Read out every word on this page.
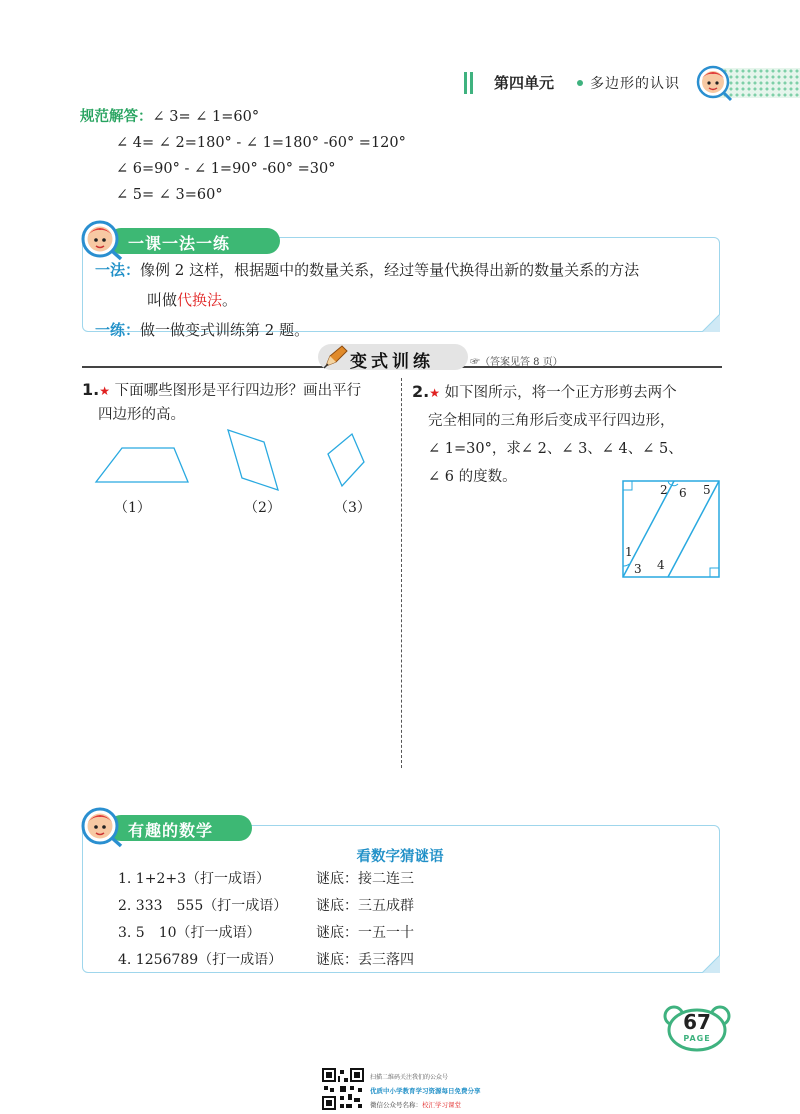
第四单元	多边形的认识
规范解答：∠ 3= ∠ 1=60°
∠ 4= ∠ 2=180° - ∠ 1=180° -60° =120°
∠ 6=90° - ∠ 1=90° -60° =30°
∠ 5= ∠ 3=60°
一课一法一练
一法：像例 2 这样，根据题中的数量关系，经过等量代换得出新的数量关系的方法
叫做代换法。
一练：做一做变式训练第 2 题。
变式训练	☞（答案见答 8 页）
1.★ 下面哪些图形是平行四边形？画出平行
四边形的高。
（1）	（2）	（3）
2.★ 如下图所示，将一个正方形剪去两个
完全相同的三角形后变成平行四边形，
∠ 1=30°，求∠ 2、∠ 3、∠ 4、∠ 5、
∠ 6 的度数。
2 6 5
1
3 4
有趣的数学
看数字猜谜语
1. 1+2+3（打一成语）	谜底：接二连三
2. 333　555（打一成语） 谜底：三五成群
3. 5　10（打一成语）	谜底：一五一十
4. 1256789（打一成语） 谜底：丢三落四
67
PAGE
扫描二维码关注我们的公众号
优质中小学教育学习资源每日免费分享
微信公众号名称：校汇学习课堂
